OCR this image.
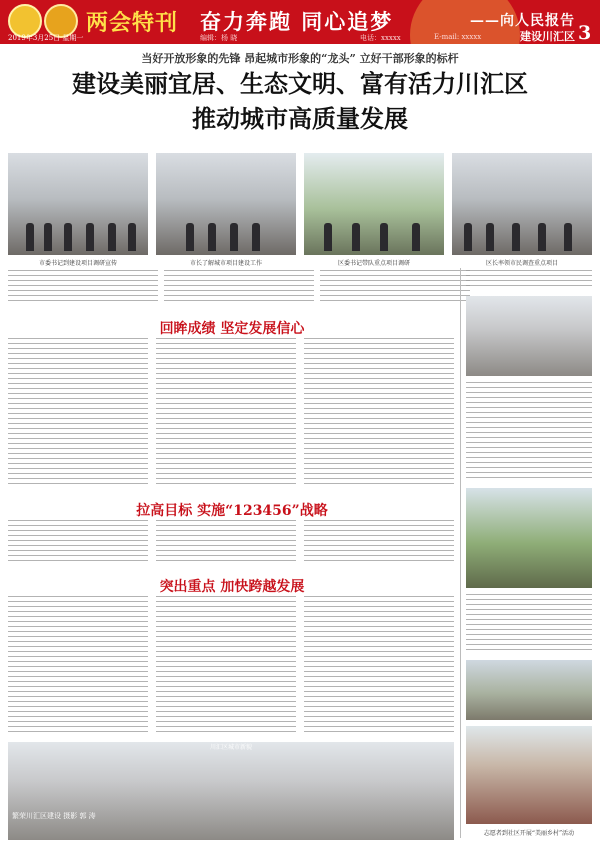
两会特刊 奋力奔跑 同心追梦	——向人民报告
2019年3月25日 星期一	编辑：杨 晓	电话：xxxxx	E-mail: xxxxx	建设川汇区 3
当好开放形象的先锋 昂起城市形象的“龙头” 立好干部形象的标杆
建设美丽宜居、生态文明、富有活力川汇区
推动城市高质量发展
市委书记到建设项目调研宣传	市长了解城市项目建设工作	区委书记带队重点项目调研	区长率领市民调查重点项目
回眸成绩 坚定发展信心
拉高目标 实施“123456”战略
突出重点 加快跨越发展
志愿者到社区开展“美丽乡村”活动
繁荣川汇区建设 摄影 郭 涛
川汇区城市新貌
